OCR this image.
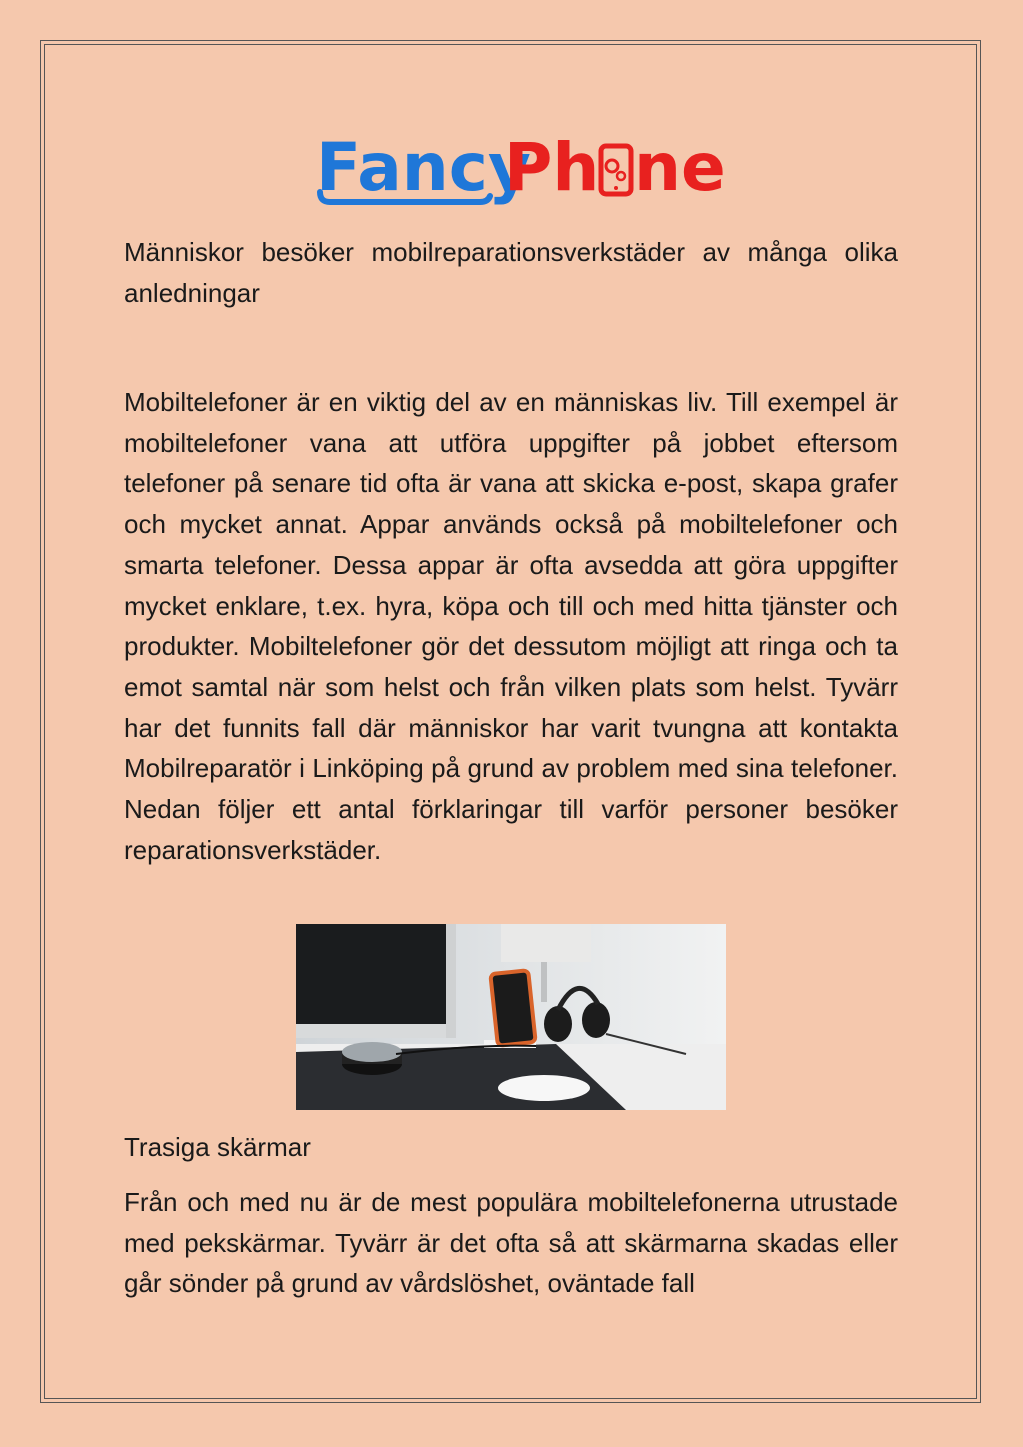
Fancy
Ph ne

Människor besöker mobilreparationsverkstäder av många olika anledningar

Mobiltelefoner är en viktig del av en människas liv. Till exempel är mobiltelefoner vana att utföra uppgifter på jobbet eftersom telefoner på senare tid ofta är vana att skicka e-post, skapa grafer och mycket annat. Appar används också på mobiltelefoner och smarta telefoner. Dessa appar är ofta avsedda att göra uppgifter mycket enklare, t.ex. hyra, köpa och till och med hitta tjänster och produkter. Mobiltelefoner gör det dessutom möjligt att ringa och ta emot samtal när som helst och från vilken plats som helst. Tyvärr har det funnits fall där människor har varit tvungna att kontakta Mobilreparatör i Linköping på grund av problem med sina telefoner. Nedan följer ett antal förklaringar till varför personer besöker reparationsverkstäder.

Trasiga skärmar

Från och med nu är de mest populära mobiltelefonerna utrustade med pekskärmar. Tyvärr är det ofta så att skärmarna skadas eller går sönder på grund av vårdslöshet, oväntade fall
